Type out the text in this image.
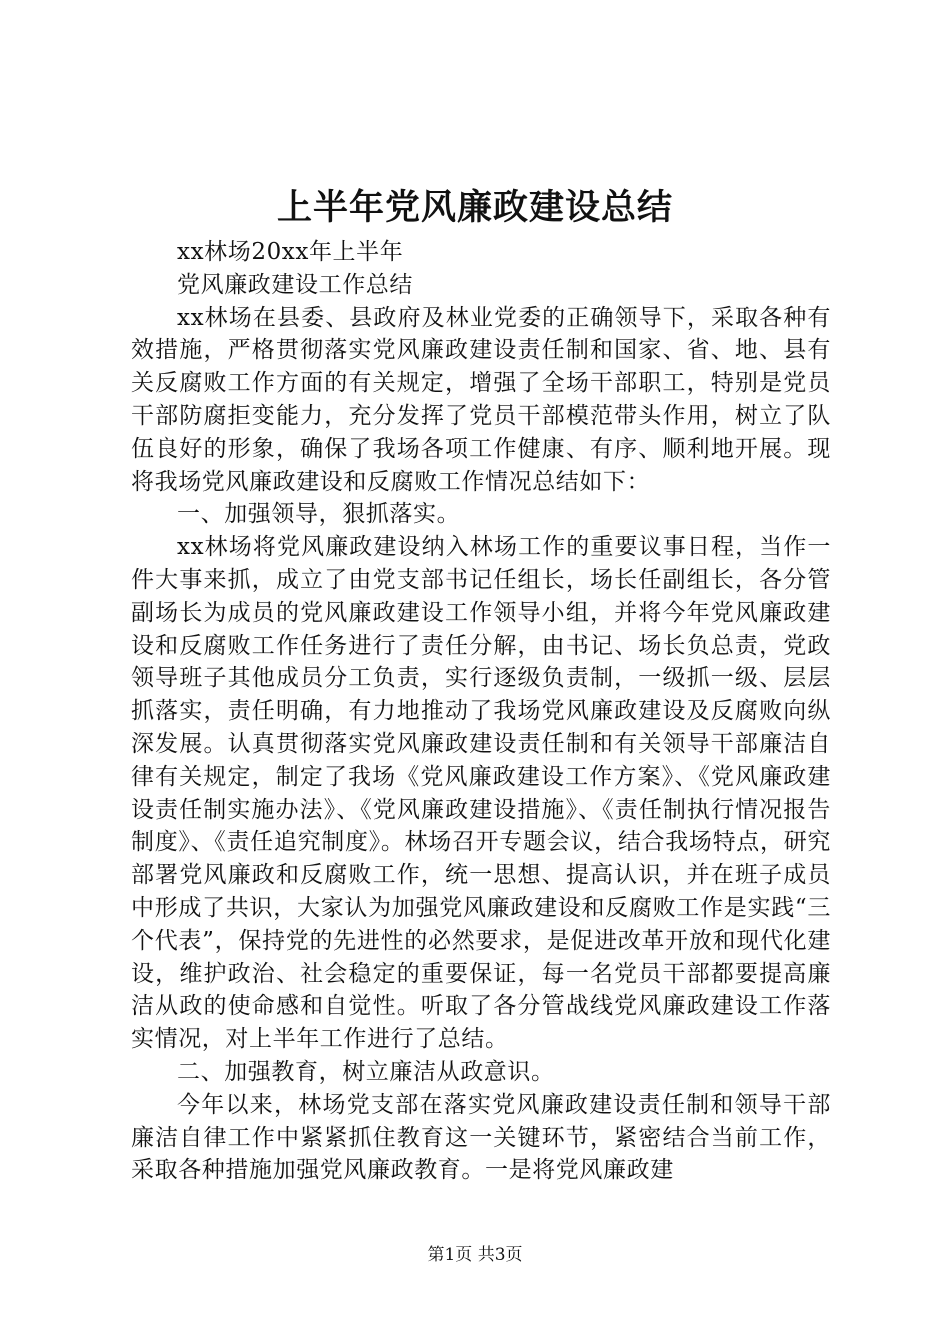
上半年党风廉政建设总结

xx林场20xx年上半年

党风廉政建设工作总结

xx林场在县委、县政府及林业党委的正确领导下，采取各种有效措施，严格贯彻落实党风廉政建设责任制和国家、省、地、县有关反腐败工作方面的有关规定，增强了全场干部职工，特别是党员干部防腐拒变能力，充分发挥了党员干部模范带头作用，树立了队伍良好的形象，确保了我场各项工作健康、有序、顺利地开展。现将我场党风廉政建设和反腐败工作情况总结如下：

一、加强领导，狠抓落实。

xx林场将党风廉政建设纳入林场工作的重要议事日程，当作一件大事来抓，成立了由党支部书记任组长，场长任副组长，各分管副场长为成员的党风廉政建设工作领导小组，并将今年党风廉政建设和反腐败工作任务进行了责任分解，由书记、场长负总责，党政领导班子其他成员分工负责，实行逐级负责制，一级抓一级、层层抓落实，责任明确，有力地推动了我场党风廉政建设及反腐败向纵深发展。认真贯彻落实党风廉政建设责任制和有关领导干部廉洁自律有关规定，制定了我场《党风廉政建设工作方案》、《党风廉政建设责任制实施办法》、《党风廉政建设措施》、《责任制执行情况报告制度》、《责任追究制度》。林场召开专题会议，结合我场特点，研究部署党风廉政和反腐败工作，统一思想、提高认识，并在班子成员中形成了共识，大家认为加强党风廉政建设和反腐败工作是实践“三个代表”，保持党的先进性的必然要求，是促进改革开放和现代化建设，维护政治、社会稳定的重要保证，每一名党员干部都要提高廉洁从政的使命感和自觉性。听取了各分管战线党风廉政建设工作落实情况，对上半年工作进行了总结。

二、加强教育，树立廉洁从政意识。

今年以来，林场党支部在落实党风廉政建设责任制和领导干部廉洁自律工作中紧紧抓住教育这一关键环节，紧密结合当前工作，采取各种措施加强党风廉政教育。一是将党风廉政建

第1页 共3页
